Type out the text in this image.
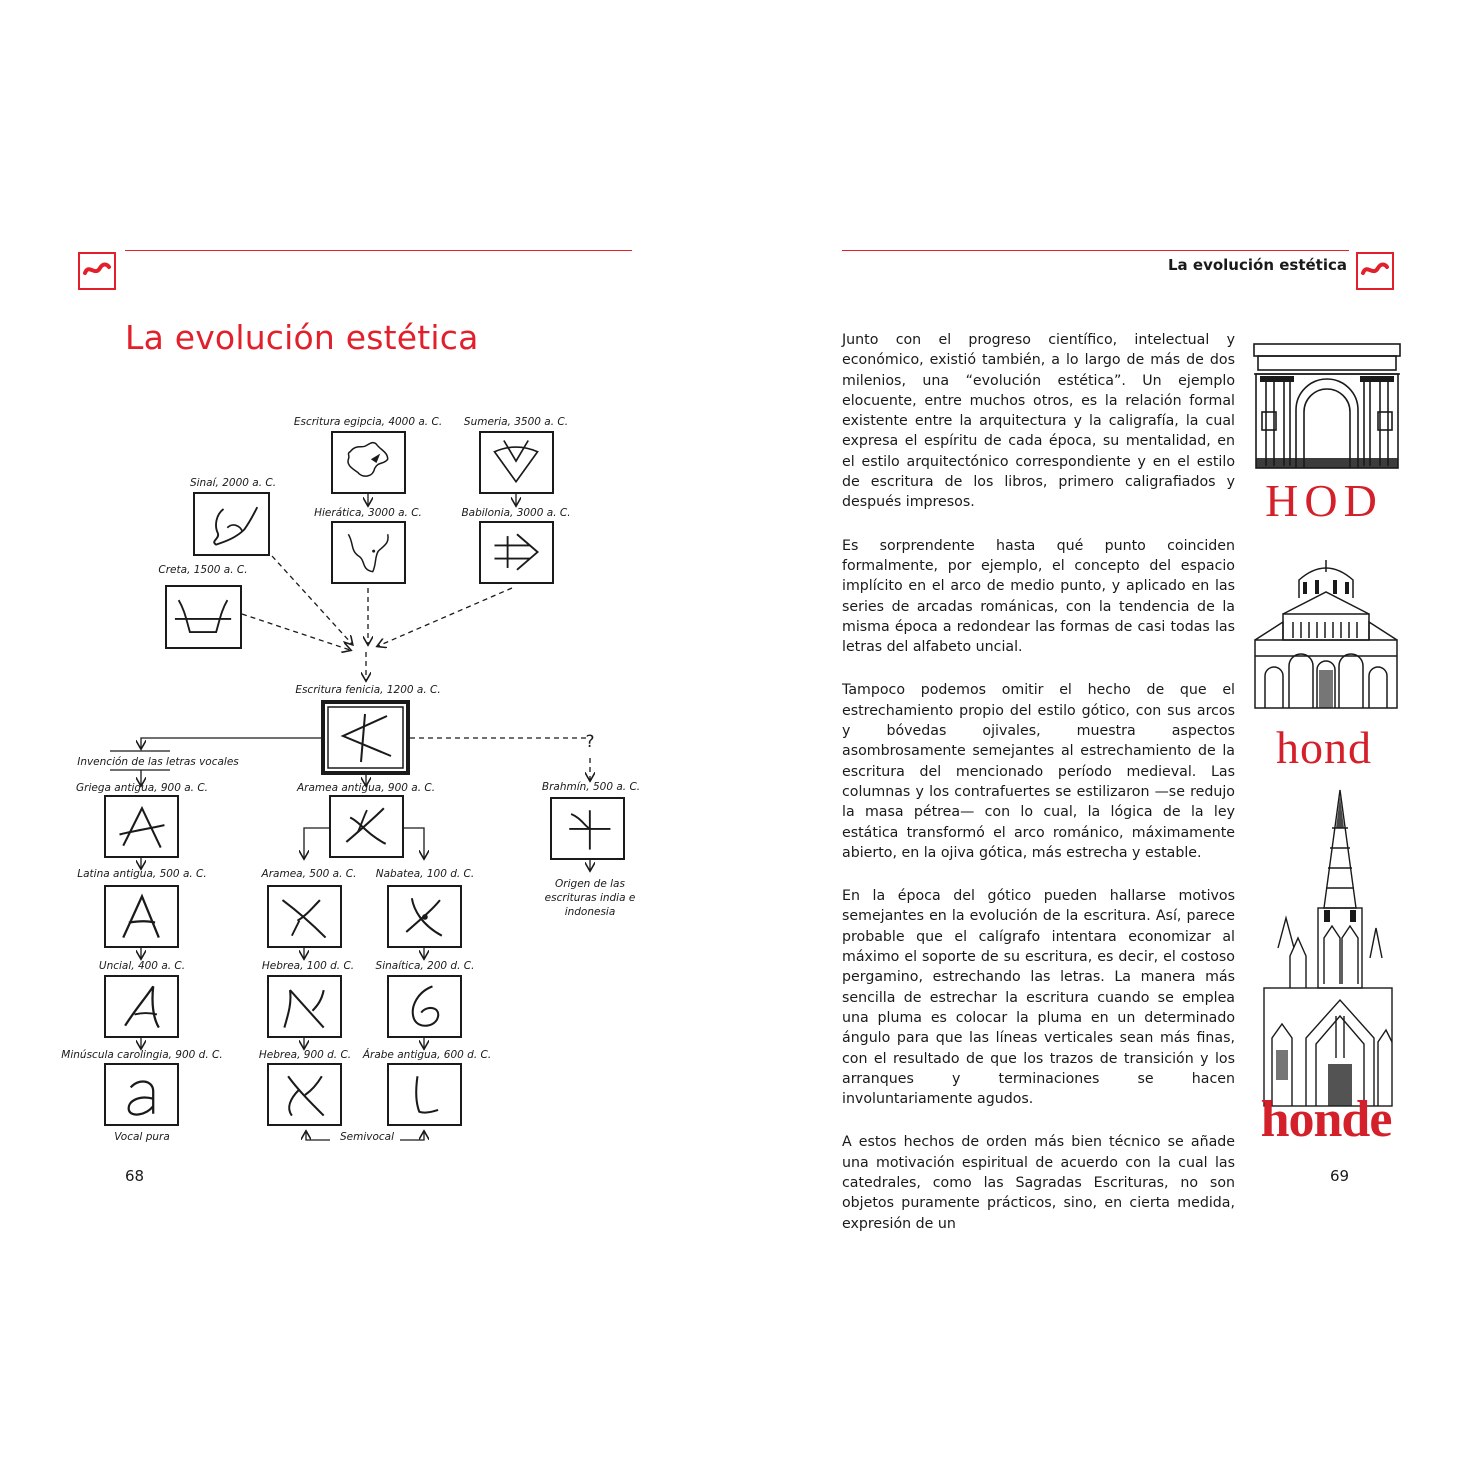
La evolución estética
La evolución estética
Escritura egipcia, 4000 a. C. Sumeria, 3500 a. C.
Sinaí, 2000 a. C.
Hierática, 3000 a. C.	Babilonia, 3000 a. C.
Creta, 1500 a. C.
Escritura fenicia, 1200 a. C.
Invención de las letras vocales
Griega antigua, 900 a. C.	Aramea antigua, 900 a. C.	Brahmín, 500 a. C.
?
Latina antigua, 500 a. C.	Aramea, 500 a. C. Nabatea, 100 d. C.
Uncial, 400 a. C.	Hebrea, 100 d. C. Sinaítica, 200 d. C.
Minúscula carolingia, 900 d. C.	Hebrea, 900 d. C. Árabe antigua, 600 d. C.
Vocal pura	Semivocal
Origen de las
escrituras india e
indonesia
68

Junto con el progreso científico, intelectual y económico, existió también, a lo largo de más de dos milenios, una “evolución estética”. Un ejemplo elocuente, entre muchos otros, es la relación formal existente entre la arquitectura y la caligrafía, la cual expresa el espíritu de cada época, su mentalidad, en el estilo arquitectónico correspondiente y en el estilo de escritura de los libros, primero caligrafiados y después impresos.

Es sorprendente hasta qué punto coinciden formalmente, por ejemplo, el concepto del espacio implícito en el arco de medio punto, y aplicado en las series de arcadas románicas, con la tendencia de la misma época a redondear las formas de casi todas las letras del alfabeto uncial.

Tampoco podemos omitir el hecho de que el estrechamiento propio del estilo gótico, con sus arcos y bóvedas ojivales, muestra aspectos asombrosamente semejantes al estrechamiento de la escritura del mencionado período medieval. Las columnas y los contrafuertes se estilizaron —se redujo la masa pétrea— con lo cual, la lógica de la ley estática transformó el arco románico, máximamente abierto, en la ojiva gótica, más estrecha y estable.

En la época del gótico pueden hallarse motivos semejantes en la evolución de la escritura. Así, parece probable que el calígrafo intentara economizar al máximo el soporte de su escritura, es decir, el costoso pergamino, estrechando las letras. La manera más sencilla de estrechar la escritura cuando se emplea una pluma es colocar la pluma en un determinado ángulo para que las líneas verticales sean más finas, con el resultado de que los trazos de transición y los arranques y terminaciones se hacen involuntariamente agudos.

A estos hechos de orden más bien técnico se añade una motivación espiritual de acuerdo con la cual las catedrales, como las Sagradas Escrituras, no son objetos puramente prácticos, sino, en cierta medida, expresión de un

HOD
hond
honde
69
